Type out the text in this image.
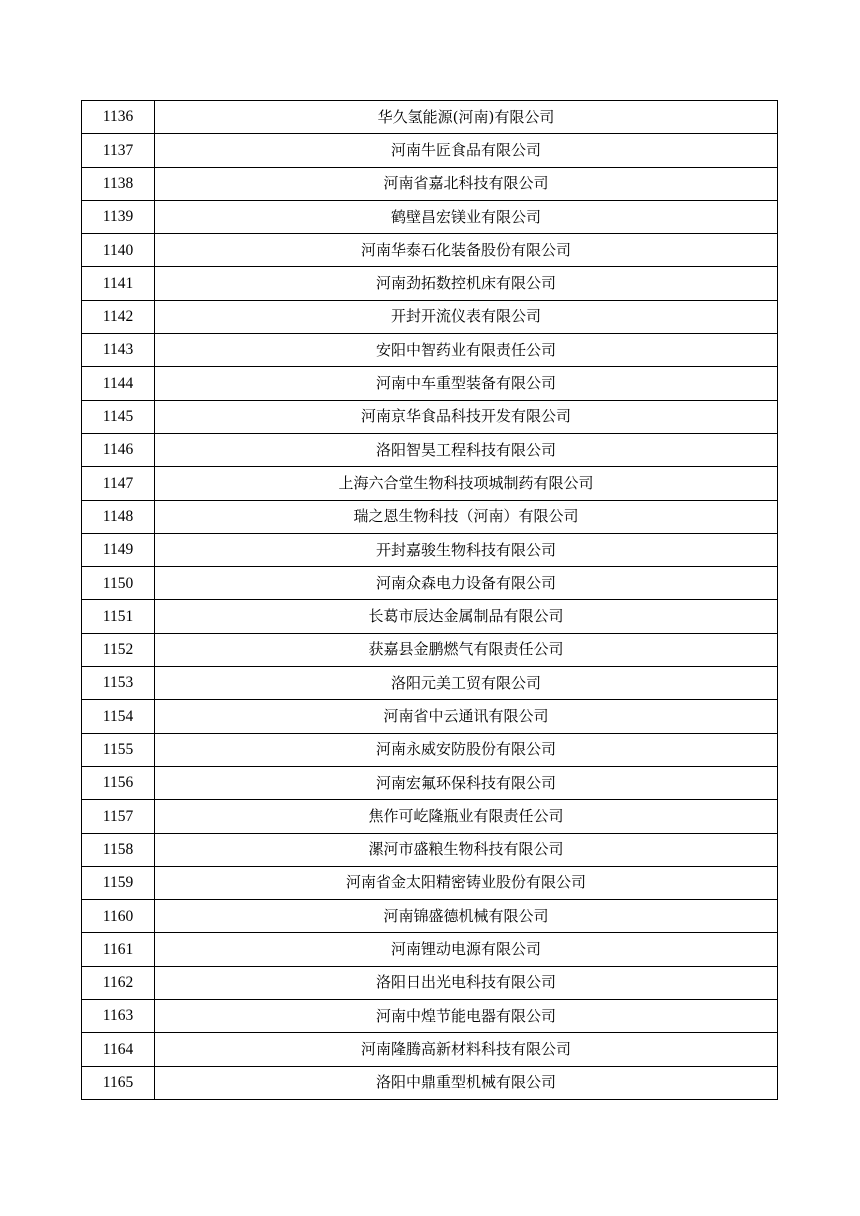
1136	华久氢能源(河南)有限公司
1137	河南牛匠食品有限公司
1138	河南省嘉北科技有限公司
1139	鹤壁昌宏镁业有限公司
1140	河南华泰石化装备股份有限公司
1141	河南劲拓数控机床有限公司
1142	开封开流仪表有限公司
1143	安阳中智药业有限责任公司
1144	河南中车重型装备有限公司
1145	河南京华食品科技开发有限公司
1146	洛阳智昊工程科技有限公司
1147	上海六合堂生物科技项城制药有限公司
1148	瑞之恩生物科技（河南）有限公司
1149	开封嘉骏生物科技有限公司
1150	河南众森电力设备有限公司
1151	长葛市辰达金属制品有限公司
1152	获嘉县金鹏燃气有限责任公司
1153	洛阳元美工贸有限公司
1154	河南省中云通讯有限公司
1155	河南永威安防股份有限公司
1156	河南宏氟环保科技有限公司
1157	焦作可屹隆瓶业有限责任公司
1158	漯河市盛粮生物科技有限公司
1159	河南省金太阳精密铸业股份有限公司
1160	河南锦盛德机械有限公司
1161	河南锂动电源有限公司
1162	洛阳日出光电科技有限公司
1163	河南中煌节能电器有限公司
1164	河南隆腾高新材料科技有限公司
1165	洛阳中鼎重型机械有限公司
